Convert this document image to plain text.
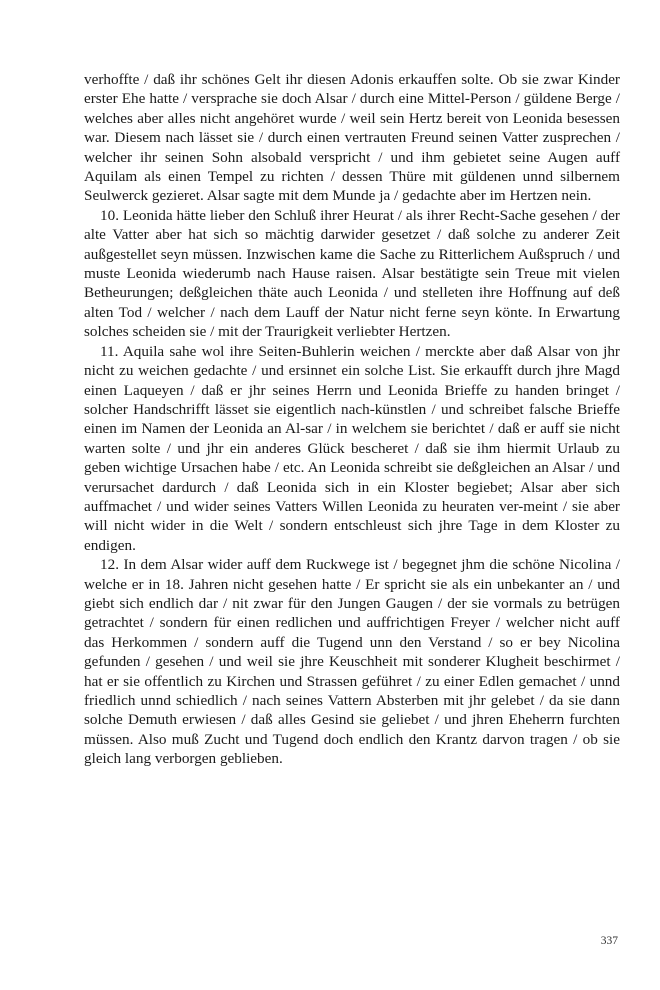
verhoffte / daß ihr schönes Gelt ihr diesen Adonis erkauffen solte. Ob sie zwar Kinder erster Ehe hatte / versprache sie doch Alsar / durch eine Mittel-Person / güldene Berge / welches aber alles nicht angehöret wurde / weil sein Hertz bereit von Leonida besessen war. Diesem nach lässet sie / durch einen vertrauten Freund seinen Vatter zusprechen / welcher ihr seinen Sohn alsobald verspricht / und ihm gebietet seine Augen auff Aquilam als einen Tempel zu richten / dessen Thüre mit güldenen unnd silbernem Seulwerck gezieret. Alsar sagte mit dem Munde ja / gedachte aber im Hertzen nein.

10. Leonida hätte lieber den Schluß ihrer Heurat / als ihrer Recht-Sache gesehen / der alte Vatter aber hat sich so mächtig darwider gesetzet / daß solche zu anderer Zeit außgestellet seyn müssen. Inzwischen kame die Sache zu Ritterlichem Außspruch / und muste Leonida wiederumb nach Hause raisen. Alsar bestätigte sein Treue mit vielen Betheurungen; deßgleichen thäte auch Leonida / und stelleten ihre Hoffnung auf deß alten Tod / welcher / nach dem Lauff der Natur nicht ferne seyn könte. In Erwartung solches scheiden sie / mit der Traurigkeit verliebter Hertzen.

11. Aquila sahe wol ihre Seiten-Buhlerin weichen / merckte aber daß Alsar von jhr nicht zu weichen gedachte / und ersinnet ein solche List. Sie erkaufft durch jhre Magd einen Laqueyen / daß er jhr seines Herrn und Leonida Brieffe zu handen bringet / solcher Handschrifft lässet sie eigentlich nach-künstlen / und schreibet falsche Brieffe einen im Namen der Leonida an Al-sar / in welchem sie berichtet / daß er auff sie nicht warten solte / und jhr ein anderes Glück bescheret / daß sie ihm hiermit Urlaub zu geben wichtige Ursachen habe / etc. An Leonida schreibt sie deßgleichen an Alsar / und verursachet dardurch / daß Leonida sich in ein Kloster begiebet; Alsar aber sich auffmachet / und wider seines Vatters Willen Leonida zu heuraten ver-meint / sie aber will nicht wider in die Welt / sondern entschleust sich jhre Tage in dem Kloster zu endigen.

12. In dem Alsar wider auff dem Ruckwege ist / begegnet jhm die schöne Nicolina / welche er in 18. Jahren nicht gesehen hatte / Er spricht sie als ein unbekanter an / und giebt sich endlich dar / nit zwar für den Jungen Gaugen / der sie vormals zu betrügen getrachtet / sondern für einen redlichen und auffrichtigen Freyer / welcher nicht auff das Herkommen / sondern auff die Tugend unn den Verstand / so er bey Nicolina gefunden / gesehen / und weil sie jhre Keuschheit mit sonderer Klugheit beschirmet / hat er sie offentlich zu Kirchen und Strassen geführet / zu einer Edlen gemachet / unnd friedlich unnd schiedlich / nach seines Vattern Absterben mit jhr gelebet / da sie dann solche Demuth erwiesen / daß alles Gesind sie geliebet / und jhren Eheherrn furchten müssen. Also muß Zucht und Tugend doch endlich den Krantz darvon tragen / ob sie gleich lang verborgen geblieben.

337
